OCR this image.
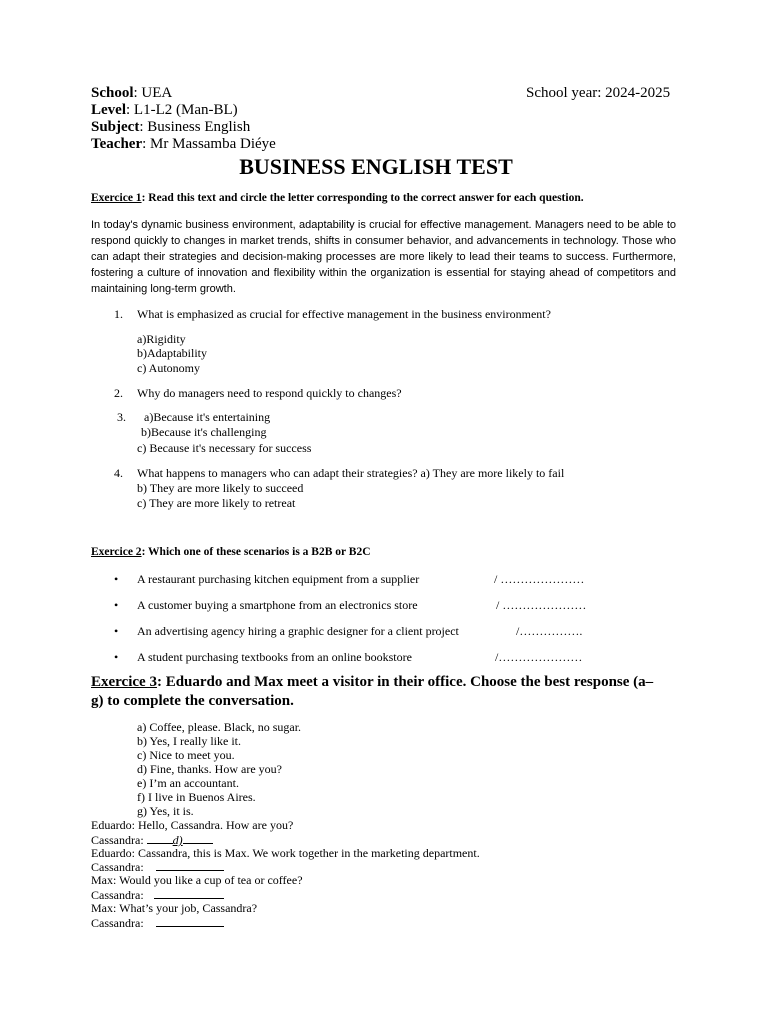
School: UEA	School year: 2024-2025
Level: L1-L2 (Man-BL)
Subject: Business English
Teacher: Mr Massamba Diéye
BUSINESS ENGLISH TEST
Exercice 1: Read this text and circle the letter corresponding to the correct answer for each question.
In today's dynamic business environment, adaptability is crucial for effective management. Managers need to be able to respond quickly to changes in market trends, shifts in consumer behavior, and advancements in technology. Those who can adapt their strategies and decision-making processes are more likely to lead their teams to success. Furthermore, fostering a culture of innovation and flexibility within the organization is essential for staying ahead of competitors and maintaining long-term growth.
1. What is emphasized as crucial for effective management in the business environment?
a)Rigidity
b)Adaptability
c) Autonomy
2. Why do managers need to respond quickly to changes?
3. a)Because it's entertaining
b)Because it's challenging
c) Because it's necessary for success
4. What happens to managers who can adapt their strategies? a) They are more likely to fail
b) They are more likely to succeed
c) They are more likely to retreat
Exercice 2: Which one of these scenarios is a B2B or B2C
• A restaurant purchasing kitchen equipment from a supplier	/ …………………
• A customer buying a smartphone from an electronics store	/ …………………
• An advertising agency hiring a graphic designer for a client project	/…………….
• A student purchasing textbooks from an online bookstore	/…………………
Exercice 3: Eduardo and Max meet a visitor in their office. Choose the best response (a–
g) to complete the conversation.
a) Coffee, please. Black, no sugar.
b) Yes, I really like it.
c) Nice to meet you.
d) Fine, thanks. How are you?
e) I’m an accountant.
f) I live in Buenos Aires.
g) Yes, it is.
Eduardo: Hello, Cassandra. How are you?
Cassandra: d)
Eduardo: Cassandra, this is Max. We work together in the marketing department.
Cassandra:
Max: Would you like a cup of tea or coffee?
Cassandra:
Max: What’s your job, Cassandra?
Cassandra:
